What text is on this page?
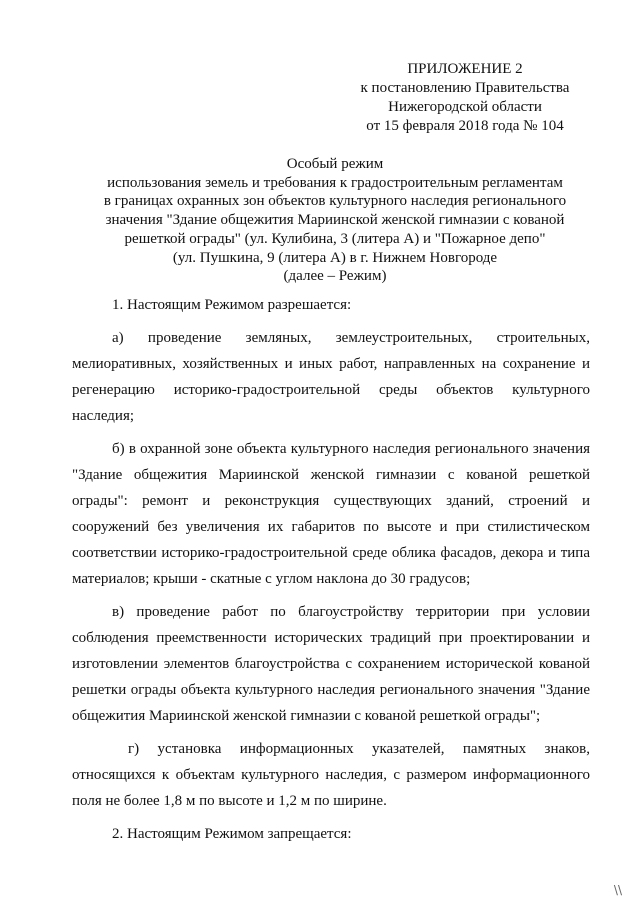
ПРИЛОЖЕНИЕ 2
к постановлению Правительства
Нижегородской области
от 15 февраля 2018 года № 104
Особый режим
использования земель и требования к градостроительным регламентам
в границах охранных зон объектов культурного наследия регионального
значения "Здание общежития Мариинской женской гимназии с кованой
решеткой ограды" (ул. Кулибина, 3 (литера А) и "Пожарное депо"
(ул. Пушкина, 9 (литера А) в г. Нижнем Новгороде
(далее – Режим)

1. Настоящим Режимом разрешается:

а) проведение земляных, землеустроительных, строительных, мелиоративных, хозяйственных и иных работ, направленных на сохранение и регенерацию историко-градостроительной среды объектов культурного наследия;

б) в охранной зоне объекта культурного наследия регионального значения "Здание общежития Мариинской женской гимназии с кованой решеткой ограды": ремонт и реконструкция существующих зданий, строений и сооружений без увеличения их габаритов по высоте и при стилистическом соответствии историко-градостроительной среде облика фасадов, декора и типа материалов; крыши - скатные с углом наклона до 30 градусов;

в) проведение работ по благоустройству территории при условии соблюдения преемственности исторических традиций при проектировании и изготовлении элементов благоустройства с сохранением исторической кованой решетки ограды объекта культурного наследия регионального значения "Здание общежития Мариинской женской гимназии с кованой решеткой ограды";

г) установка информационных указателей, памятных знаков, относящихся к объектам культурного наследия, с размером информационного поля не более 1,8 м по высоте и 1,2 м по ширине.

2. Настоящим Режимом запрещается:

\\
